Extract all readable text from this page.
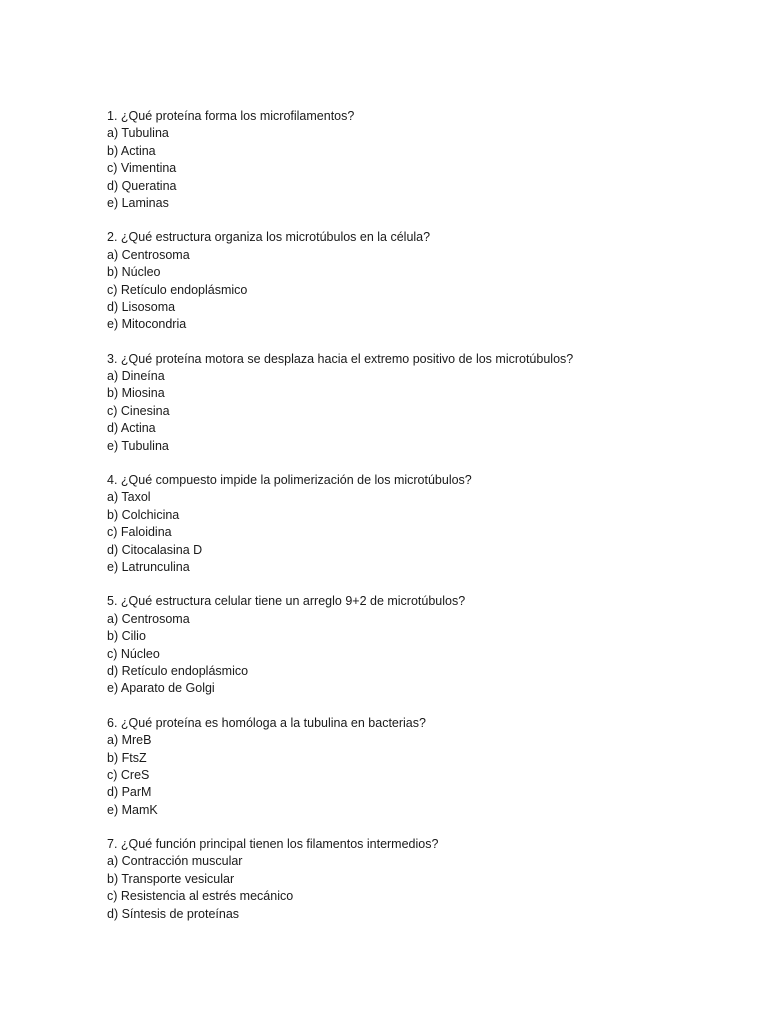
1. ¿Qué proteína forma los microfilamentos?
a) Tubulina
b) Actina
c) Vimentina
d) Queratina
e) Laminas
2. ¿Qué estructura organiza los microtúbulos en la célula?
a) Centrosoma
b) Núcleo
c) Retículo endoplásmico
d) Lisosoma
e) Mitocondria
3. ¿Qué proteína motora se desplaza hacia el extremo positivo de los microtúbulos?
a) Dineína
b) Miosina
c) Cinesina
d) Actina
e) Tubulina
4. ¿Qué compuesto impide la polimerización de los microtúbulos?
a) Taxol
b) Colchicina
c) Faloidina
d) Citocalasina D
e) Latrunculina
5. ¿Qué estructura celular tiene un arreglo 9+2 de microtúbulos?
a) Centrosoma
b) Cilio
c) Núcleo
d) Retículo endoplásmico
e) Aparato de Golgi
6. ¿Qué proteína es homóloga a la tubulina en bacterias?
a) MreB
b) FtsZ
c) CreS
d) ParM
e) MamK
7. ¿Qué función principal tienen los filamentos intermedios?
a) Contracción muscular
b) Transporte vesicular
c) Resistencia al estrés mecánico
d) Síntesis de proteínas
